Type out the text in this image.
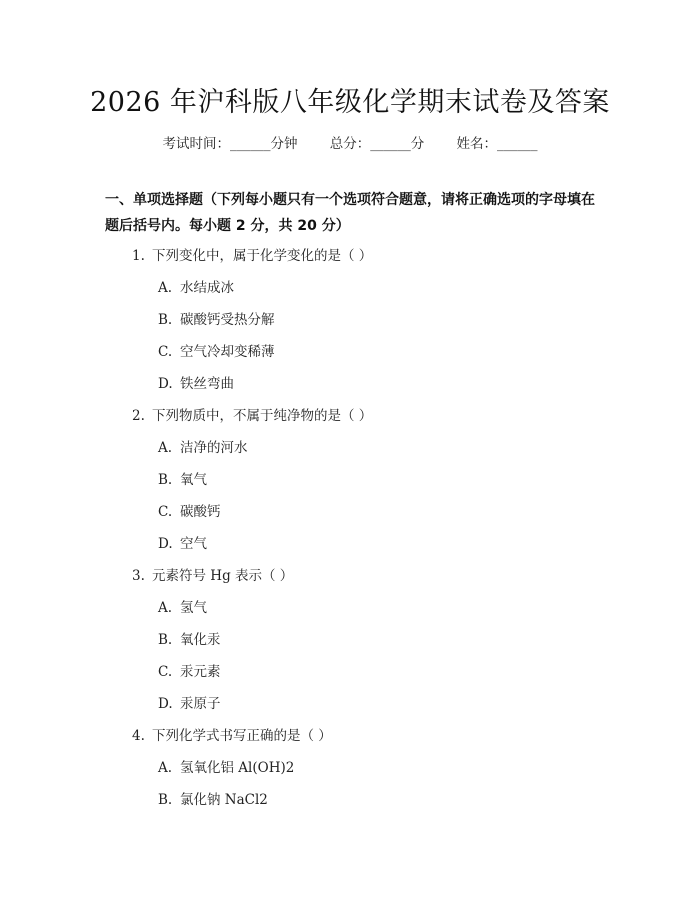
2026 年沪科版八年级化学期末试卷及答案
考试时间：______分钟 总分：______分 姓名：______
一、单项选择题（下列每小题只有一个选项符合题意，请将正确选项的字母填在题后括号内。每小题 2 分，共 20 分）
1. 下列变化中，属于化学变化的是（ ）
A. 水结成冰
B. 碳酸钙受热分解
C. 空气冷却变稀薄
D. 铁丝弯曲
2. 下列物质中，不属于纯净物的是（ ）
A. 洁净的河水
B. 氧气
C. 碳酸钙
D. 空气
3. 元素符号 Hg 表示（ ）
A. 氢气
B. 氧化汞
C. 汞元素
D. 汞原子
4. 下列化学式书写正确的是（ ）
A. 氢氧化铝 Al(OH)2
B. 氯化钠 NaCl2
